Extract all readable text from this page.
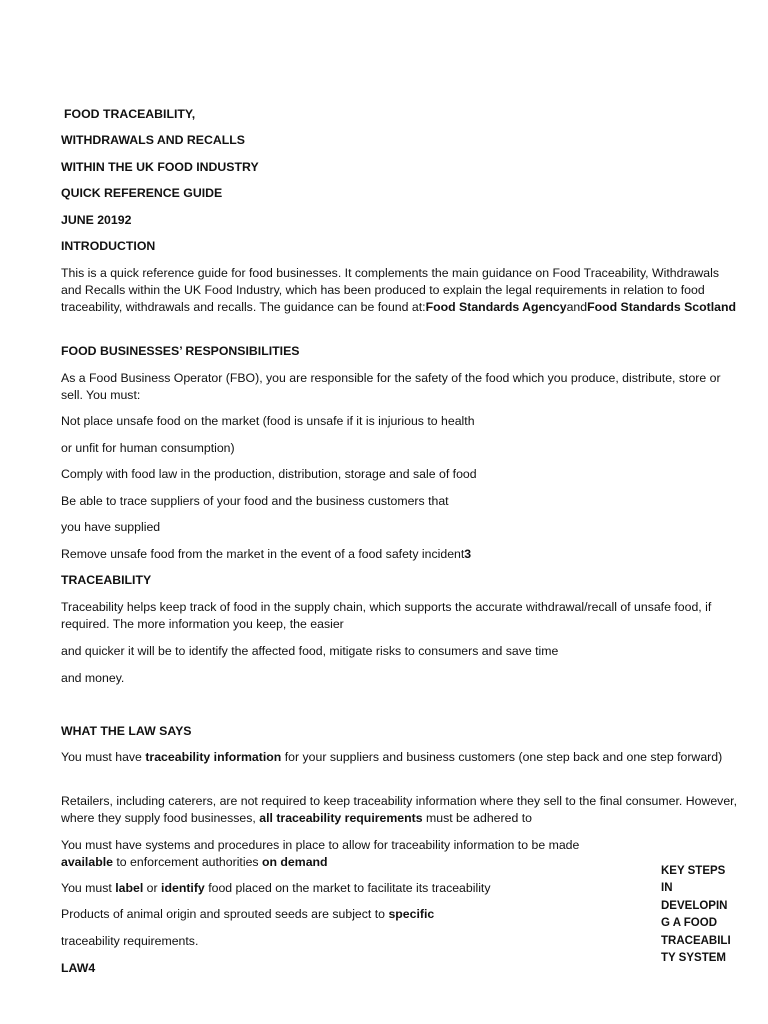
FOOD TRACEABILITY,

WITHDRAWALS AND RECALLS

WITHIN THE UK FOOD INDUSTRY

QUICK REFERENCE GUIDE

JUNE 20192

INTRODUCTION

This is a quick reference guide for food businesses. It complements the main guidance on Food Traceability, Withdrawals and Recalls within the UK Food Industry, which has been produced to explain the legal requirements in relation to food traceability, withdrawals and recalls. The guidance can be found at:Food Standards AgencyandFood Standards Scotland

FOOD BUSINESSES’ RESPONSIBILITIES

As a Food Business Operator (FBO), you are responsible for the safety of the food which you produce, distribute, store or sell. You must:

Not place unsafe food on the market (food is unsafe if it is injurious to health

or unfit for human consumption)

Comply with food law in the production, distribution, storage and sale of food

Be able to trace suppliers of your food and the business customers that

you have supplied

Remove unsafe food from the market in the event of a food safety incident3

TRACEABILITY

Traceability helps keep track of food in the supply chain, which supports the accurate withdrawal/recall of unsafe food, if required. The more information you keep, the easier

and quicker it will be to identify the affected food, mitigate risks to consumers and save time

and money.

WHAT THE LAW SAYS

You must have traceability information for your suppliers and business customers (one step back and one step forward)

Retailers, including caterers, are not required to keep traceability information where they sell to the final consumer. However, where they supply food businesses, all traceability requirements must be adhered to

You must have systems and procedures in place to allow for traceability information to be made

available to enforcement authorities on demand

You must label or identify food placed on the market to facilitate its traceability

Products of animal origin and sprouted seeds are subject to specific

traceability requirements.

LAW4

KEY STEPS
IN
DEVELOPIN
G A FOOD
TRACEABILI
TY SYSTEM
